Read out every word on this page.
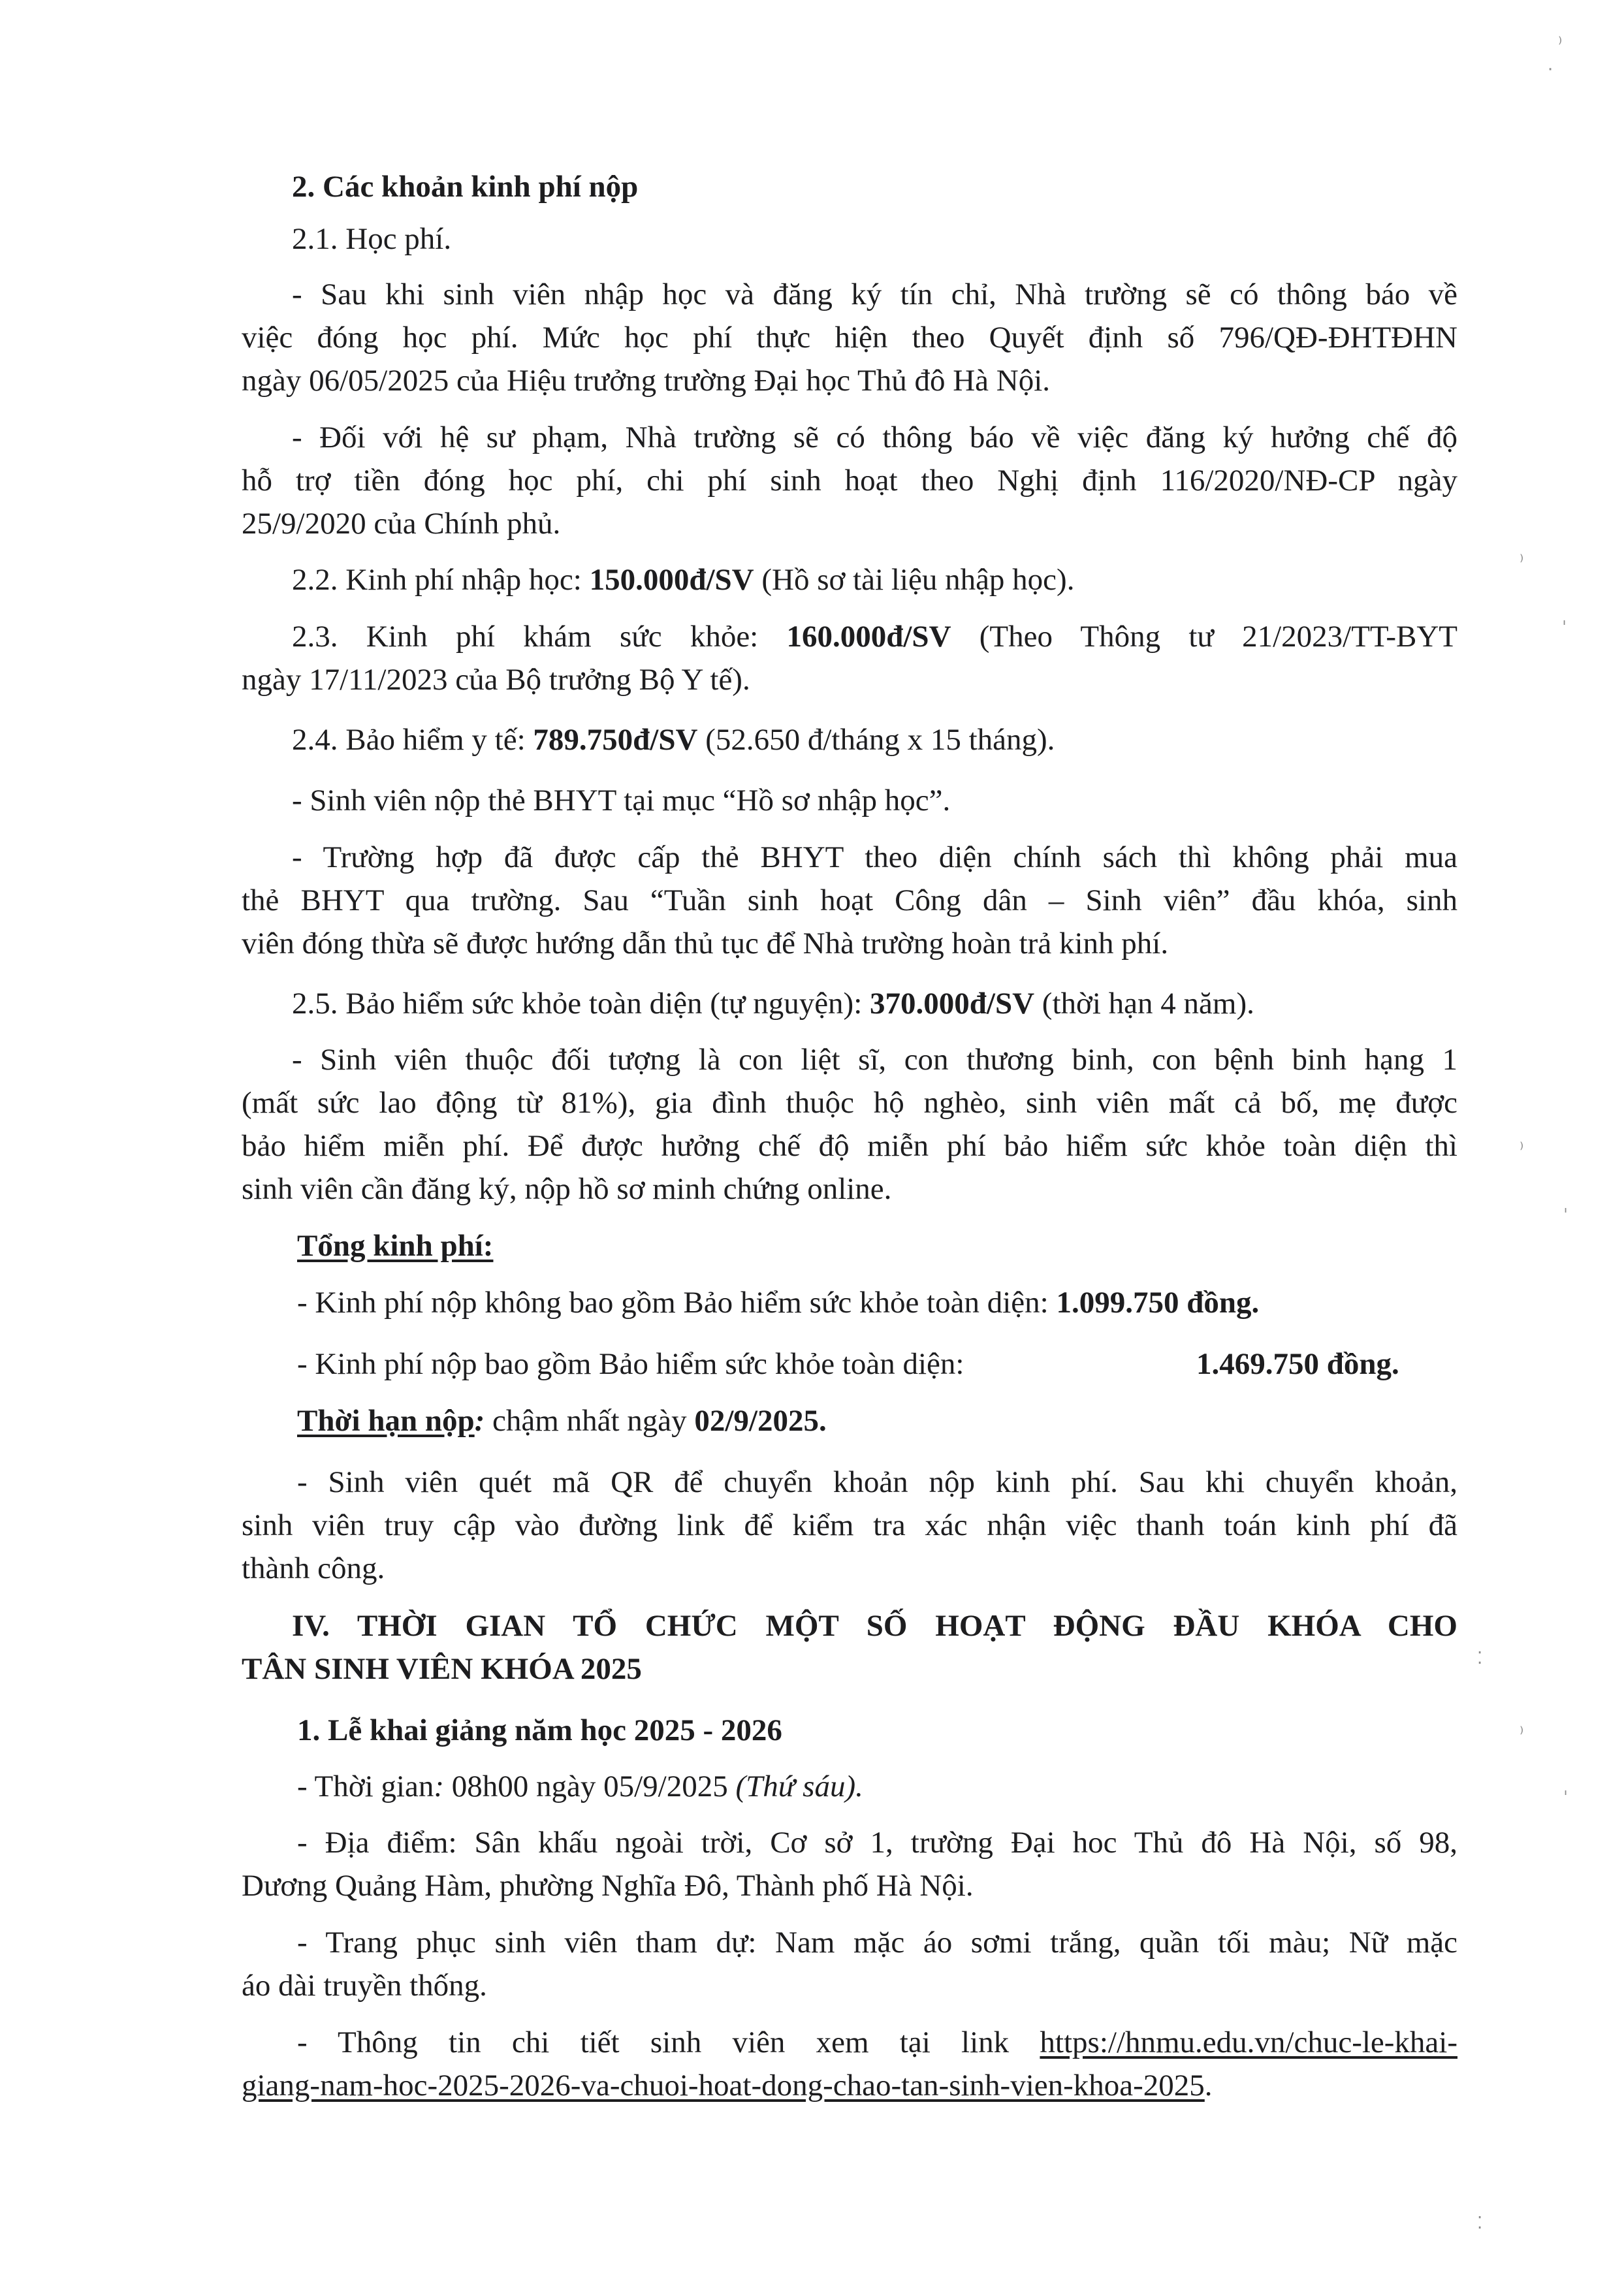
2. Các khoản kinh phí nộp

2.1. Học phí.

- Sau khi sinh viên nhập học và đăng ký tín chỉ, Nhà trường sẽ có thông báo về

việc đóng học phí. Mức học phí thực hiện theo Quyết định số 796/QĐ-ĐHTĐHN

ngày 06/05/2025 của Hiệu trưởng trường Đại học Thủ đô Hà Nội.

- Đối với hệ sư phạm, Nhà trường sẽ có thông báo về việc đăng ký hưởng chế độ

hỗ trợ tiền đóng học phí, chi phí sinh hoạt theo Nghị định 116/2020/NĐ-CP ngày

25/9/2020 của Chính phủ.

2.2. Kinh phí nhập học: 150.000đ/SV (Hồ sơ tài liệu nhập học).

2.3. Kinh phí khám sức khỏe: 160.000đ/SV (Theo Thông tư 21/2023/TT-BYT

ngày 17/11/2023 của Bộ trưởng Bộ Y tế).

2.4. Bảo hiểm y tế: 789.750đ/SV (52.650 đ/tháng x 15 tháng).

- Sinh viên nộp thẻ BHYT tại mục “Hồ sơ nhập học”.

- Trường hợp đã được cấp thẻ BHYT theo diện chính sách thì không phải mua

thẻ BHYT qua trường. Sau “Tuần sinh hoạt Công dân – Sinh viên” đầu khóa, sinh

viên đóng thừa sẽ được hướng dẫn thủ tục để Nhà trường hoàn trả kinh phí.

2.5. Bảo hiểm sức khỏe toàn diện (tự nguyện): 370.000đ/SV (thời hạn 4 năm).

- Sinh viên thuộc đối tượng là con liệt sĩ, con thương binh, con bệnh binh hạng 1

(mất sức lao động từ 81%), gia đình thuộc hộ nghèo, sinh viên mất cả bố, mẹ được

bảo hiểm miễn phí. Để được hưởng chế độ miễn phí bảo hiểm sức khỏe toàn diện thì

sinh viên cần đăng ký, nộp hồ sơ minh chứng online.

Tổng kinh phí:

- Kinh phí nộp không bao gồm Bảo hiểm sức khỏe toàn diện: 1.099.750 đồng.

- Kinh phí nộp bao gồm Bảo hiểm sức khỏe toàn diện:	1.469.750 đồng.

Thời hạn nộp: chậm nhất ngày 02/9/2025.

- Sinh viên quét mã QR để chuyển khoản nộp kinh phí. Sau khi chuyển khoản,

sinh viên truy cập vào đường link để kiểm tra xác nhận việc thanh toán kinh phí đã

thành công.

IV. THỜI GIAN TỔ CHỨC MỘT SỐ HOẠT ĐỘNG ĐẦU KHÓA CHO

TÂN SINH VIÊN KHÓA 2025

1. Lễ khai giảng năm học 2025 - 2026

- Thời gian: 08h00 ngày 05/9/2025 (Thứ sáu).

- Địa điểm: Sân khấu ngoài trời, Cơ sở 1, trường Đại hoc Thủ đô Hà Nội, số 98,

Dương Quảng Hàm, phường Nghĩa Đô, Thành phố Hà Nội.

- Trang phục sinh viên tham dự: Nam mặc áo sơmi trắng, quần tối màu; Nữ mặc

áo dài truyền thống.

- Thông tin chi tiết sinh viên xem tại link https://hnmu.edu.vn/chuc-le-khai-

giang-nam-hoc-2025-2026-va-chuoi-hoat-dong-chao-tan-sinh-vien-khoa-2025.

⁾
·
⁾
ˌ
⁾
ˌ
⁾
ˌ
⁚
⁚
